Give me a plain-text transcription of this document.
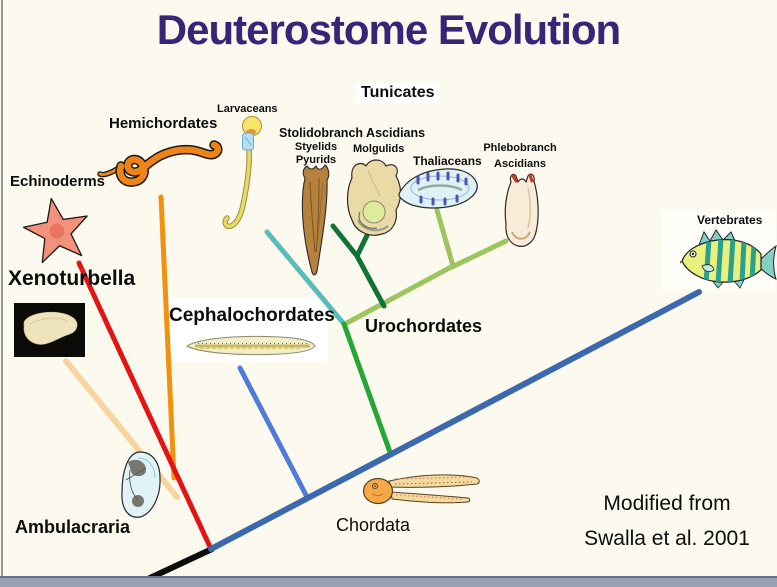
Deuterostome Evolution
Hemichordates
Larvaceans
Tunicates
Stolidobranch Ascidians
Styelids
Pyurids
Molgulids
Thaliaceans
Phlebobranch
Ascidians
Echinoderms
Xenoturbella
Cephalochordates Urochordates
Vertebrates
Ambulacraria	Chordata
Modified from
Swalla et al. 2001
